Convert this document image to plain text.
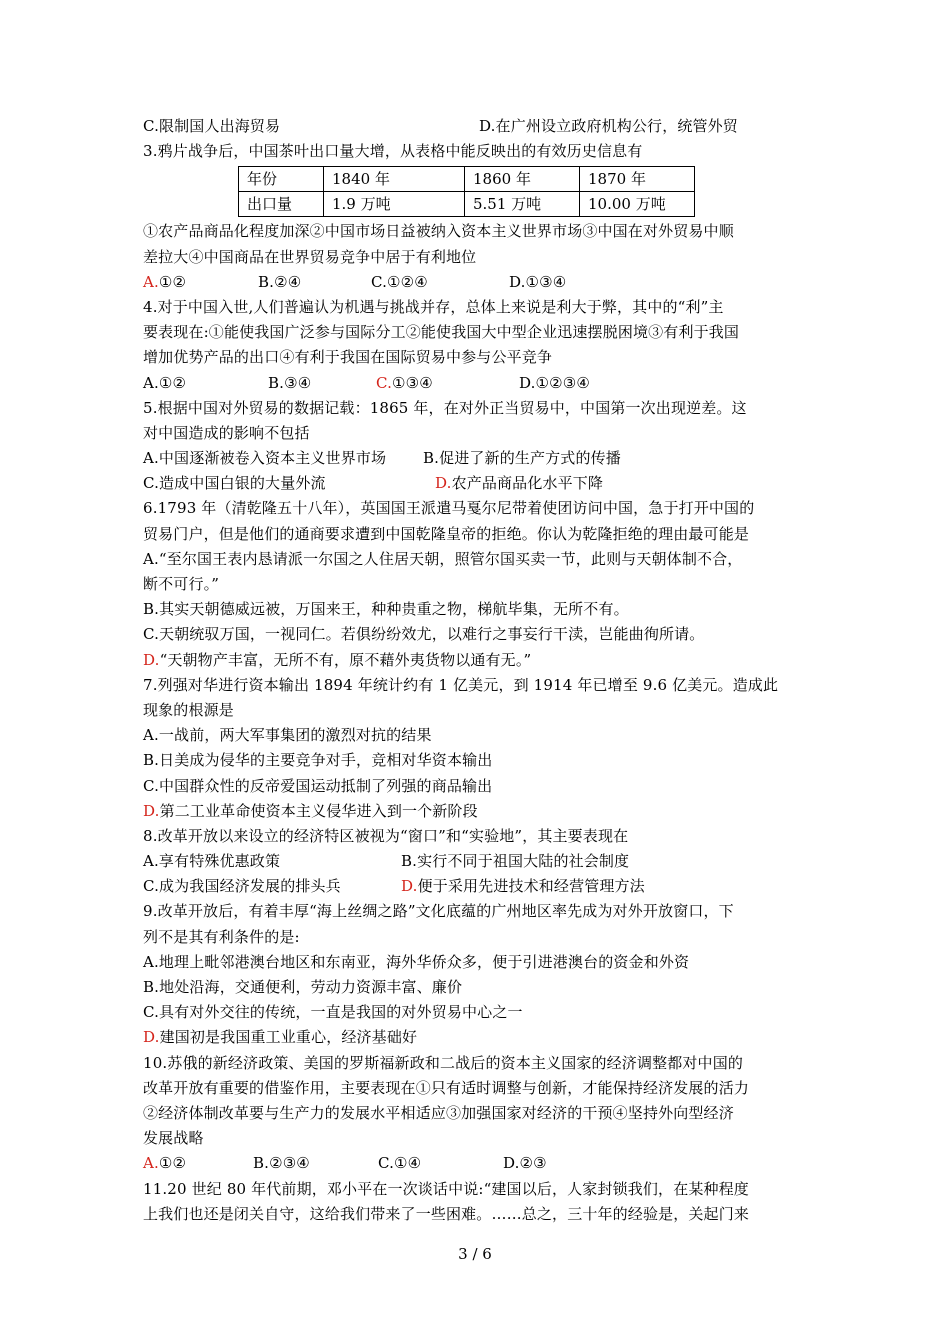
C.限制国人出海贸易	D.在广州设立政府机构公行，统管外贸
3.鸦片战争后，中国茶叶出口量大增，从表格中能反映出的有效历史信息有
年份	1840 年	1860 年	1870 年
出口量	1.9 万吨	5.51 万吨	10.00 万吨
①农产品商品化程度加深②中国市场日益被纳入资本主义世界市场③中国在对外贸易中顺
差拉大④中国商品在世界贸易竞争中居于有利地位
A.①②	B.②④	C.①②④	D.①③④
4.对于中国入世,人们普遍认为机遇与挑战并存，总体上来说是利大于弊，其中的“利”主
要表现在:①能使我国广泛参与国际分工②能使我国大中型企业迅速摆脱困境③有利于我国
增加优势产品的出口④有利于我国在国际贸易中参与公平竞争
A.①②	B.③④	C.①③④	D.①②③④
5.根据中国对外贸易的数据记载：1865 年，在对外正当贸易中，中国第一次出现逆差。这
对中国造成的影响不包括
A.中国逐渐被卷入资本主义世界市场 B.促进了新的生产方式的传播
C.造成中国白银的大量外流	D.农产品商品化水平下降
6.1793 年（清乾隆五十八年），英国国王派遣马戛尔尼带着使团访问中国，急于打开中国的
贸易门户，但是他们的通商要求遭到中国乾隆皇帝的拒绝。你认为乾隆拒绝的理由最可能是
A.“至尔国王表内恳请派一尔国之人住居天朝，照管尔国买卖一节，此则与天朝体制不合，
断不可行。”
B.其实天朝德威远被，万国来王，种种贵重之物，梯航毕集，无所不有。
C.天朝统驭万国，一视同仁。若俱纷纷效尤，以难行之事妄行干渎，岂能曲徇所请。
D.“天朝物产丰富，无所不有，原不藉外夷货物以通有无。”
7.列强对华进行资本输出 1894 年统计约有 1 亿美元，到 1914 年已增至 9.6 亿美元。造成此
现象的根源是
A.一战前，两大军事集团的激烈对抗的结果
B.日美成为侵华的主要竞争对手，竞相对华资本输出
C.中国群众性的反帝爱国运动抵制了列强的商品输出
D.第二工业革命使资本主义侵华进入到一个新阶段
8.改革开放以来设立的经济特区被视为“窗口”和“实验地”，其主要表现在
A.享有特殊优惠政策	B.实行不同于祖国大陆的社会制度
C.成为我国经济发展的排头兵	D.便于采用先进技术和经营管理方法
9.改革开放后，有着丰厚“海上丝绸之路”文化底蕴的广州地区率先成为对外开放窗口，下
列不是其有利条件的是:
A.地理上毗邻港澳台地区和东南亚，海外华侨众多，便于引进港澳台的资金和外资
B.地处沿海，交通便利，劳动力资源丰富、廉价
C.具有对外交往的传统，一直是我国的对外贸易中心之一
D.建国初是我国重工业重心，经济基础好
10.苏俄的新经济政策、美国的罗斯福新政和二战后的资本主义国家的经济调整都对中国的
改革开放有重要的借鉴作用，主要表现在①只有适时调整与创新，才能保持经济发展的活力
②经济体制改革要与生产力的发展水平相适应③加强国家对经济的干预④坚持外向型经济
发展战略
A.①②	B.②③④	C.①④	D.②③
11.20 世纪 80 年代前期，邓小平在一次谈话中说:“建国以后，人家封锁我们，在某种程度
上我们也还是闭关自守，这给我们带来了一些困难。……总之，三十年的经验是，关起门来
3 / 6
